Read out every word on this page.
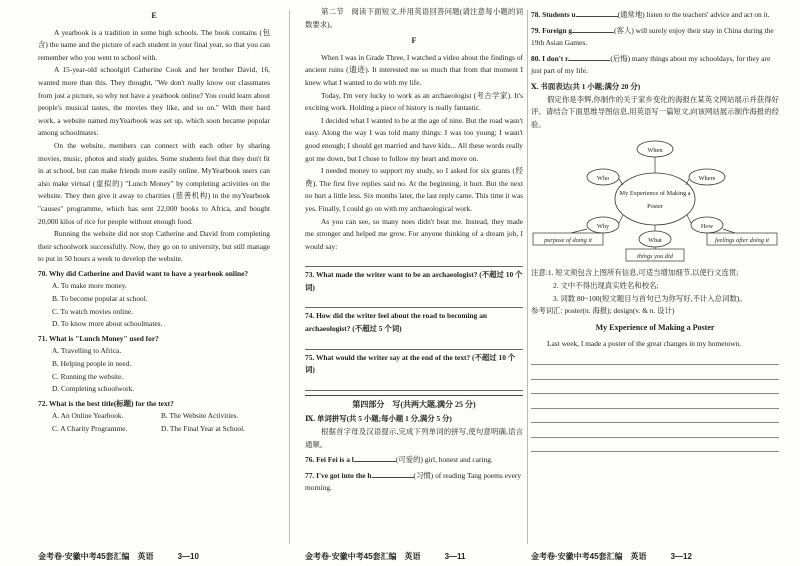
E

A yearbook is a tradition in some high schools. The book contains (包含) the name and the picture of each student in your final year, so that you can remember who you went to school with.

A 15-year-old schoolgirl Catherine Cook and her brother David, 16, wanted more than this. They thought, "We don't really know our classmates from just a picture, so why not have a yearbook online? You could learn about people's musical tastes, the movies they like, and so on." With their hard work, a website named myYearbook was set up, which soon became popular among schoolmates.

On the website, members can connect with each other by sharing movies, music, photos and study guides. Some students feel that they don't fit in at school, but can make friends more easily online. MyYearbook users can also make virtual (虚拟的) "Lunch Money" by completing activities on the website. They then give it away to charities (慈善机构) in the myYearbook "causes" programme, which has sent 22,000 books to Africa, and bought 20,000 kilos of rice for people without enough food.

Running the website did not stop Catherine and David from completing their schoolwork successfully. Now, they go on to university, but still manage to put in 50 hours a week to develop the website.

70. Why did Catherine and David want to have a yearbook online?
A. To make more money.
B. To become popular at school.
C. To watch movies online.
D. To know more about schoolmates.
71. What is "Lunch Money" used for?
A. Travelling to Africa.
B. Helping people in need.
C. Running the website.
D. Completing schoolwork.
72. What is the best title(标题) for the text?
A. An Online Yearbook.	B. The Website Activities.
C. A Charity Programme.	D. The Final Year at School.

第二节　阅读下面短文,并用英语回答问题(请注意每小题的词数要求)。

F

When I was in Grade Three, I watched a video about the findings of ancient ruins (遗迹). It interested me so much that from that moment I knew what I wanted to do with my life.

Today, I'm very lucky to work as an archaeologist (考古学家). It's exciting work. Holding a piece of history is really fantastic.

I decided what I wanted to be at the age of nine. But the road wasn't easy. Along the way I was told many things: I was too young; I wasn't good enough; I should get married and have kids... All these words really got me down, but I chose to follow my heart and move on.

I needed money to support my study, so I asked for six grants (经费). The first five replies said no. At the beginning, it hurt. But the next no hurt a little less. Six months later, the last reply came. This time it was yes. Finally, I could go on with my archaeological work.

As you can see, so many noes didn't beat me. Instead, they made me stronger and helped me grow. For anyone thinking of a dream job, I would say:

73. What made the writer want to be an archaeologist? (不超过 10 个词)
74. How did the writer feel about the road to becoming an archaeologist? (不超过 5 个词)
75. What would the writer say at the end of the text? (不超过 10 个词)
第四部分　写(共两大题,满分 25 分)
Ⅸ. 单词拼写(共 5 小题;每小题 1 分,满分 5 分)

根据首字母及汉语提示,完成下列单词的拼写,使句意明确,语言通顺。

76. Fei Fei is a l	(可爱的) girl, honest and caring.
77. I've got into the h	(习惯) of reading Tang poems every morning.
78. Students u	(通常地) listen to the teachers' advice and act on it.
79. Foreign g	(客人) will surely enjoy their stay in China during the 19th Asian Games.
80. I don't r	(后悔) many things about my schooldays, for they are just part of my life.
Ⅹ. 书面表达(共 1 小题;满分 20 分)

假定你是李辉,你制作的关于家乡变化的海报在某英文网站展示并获得好评。请结合下面思维导图信息,用英语写一篇短文,向该网站展示制作海报的经验。

My Experience of Making a Poster
When
Who	Where
Why	How
What
purpose of doing it	feelings after doing it
things you did
注意:1. 短文须包含上图所有信息,可适当增加细节,以使行文连贯;
2. 文中不得出现真实姓名和校名;
3. 词数 80~100(短文题目与首句已为你写好,不计入总词数)。
参考词汇: poster(n. 海报); design(v. & n. 设计)
My Experience of Making a Poster

Last week, I made a poster of the great changes in my hometown.

金考卷·安徽中考45套汇编　英语	3—10	金考卷·安徽中考45套汇编　英语	3—11	金考卷·安徽中考45套汇编　英语	3—12
